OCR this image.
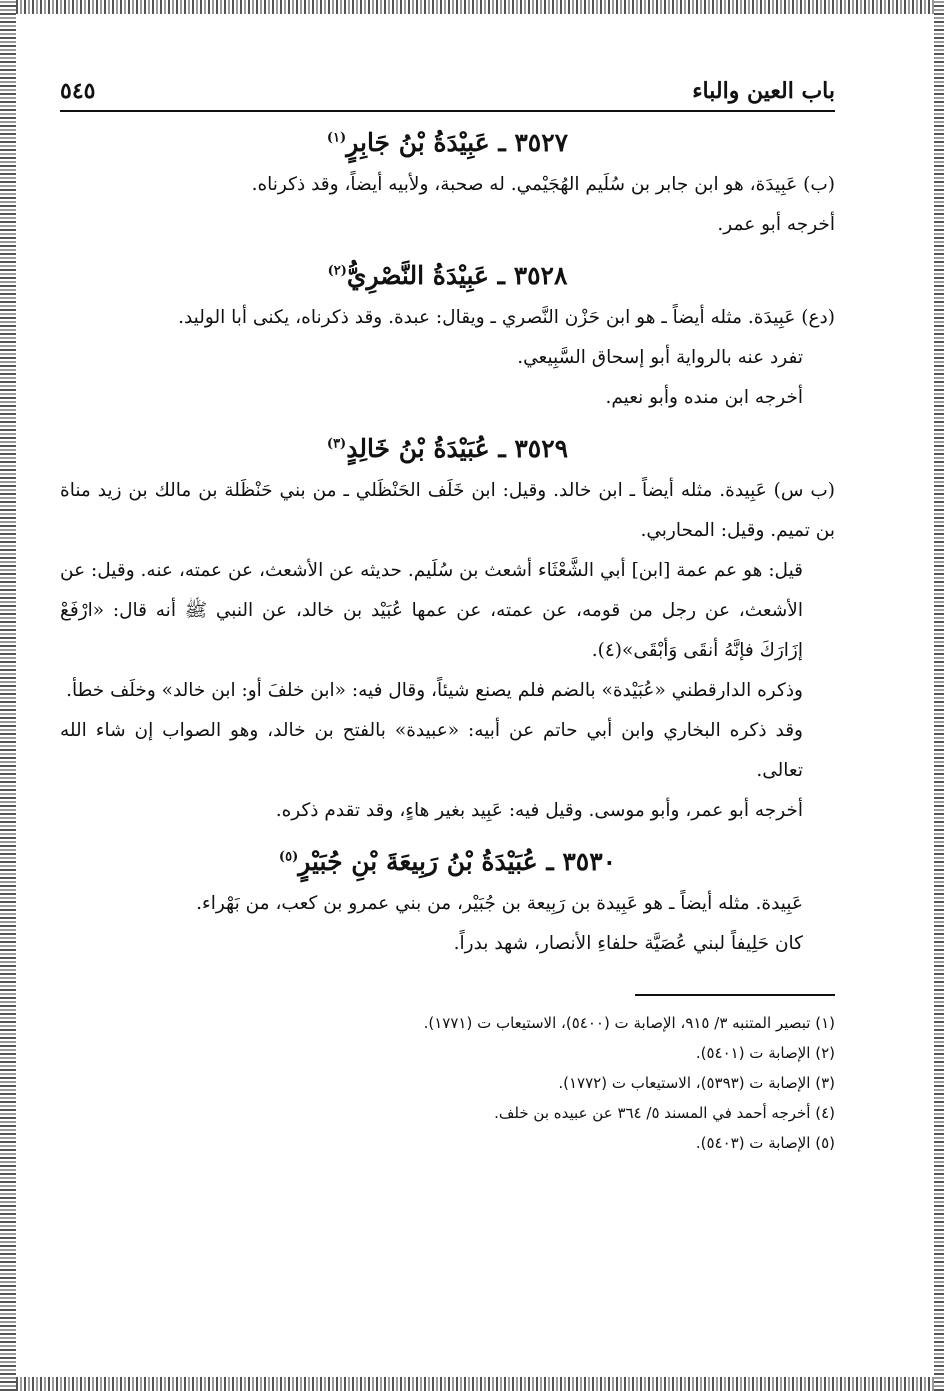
باب العين والباء
٥٤٥
٣٥٢٧ ـ عَبِيْدَةُ بْنُ جَابِرٍ$^{(١)}$

(ب) عَبِيدَة، هو ابن جابر بن سُلَيم الهُجَيْمي. له صحبة، ولأبيه أيضاً، وقد ذكرناه.

أخرجه أبو عمر.

٣٥٢٨ ـ عَبِيْدَةُ النَّصْرِيُّ$^{(٢)}$

(دع) عَبِيدَة. مثله أيضاً ـ هو ابن حَزْن النَّصري ـ ويقال: عبدة. وقد ذكرناه، يكنى أبا الوليد.

تفرد عنه بالرواية أبو إسحاق السَّبِيعي.

أخرجه ابن منده وأبو نعيم.

٣٥٢٩ ـ عُبَيْدَةُ بْنُ خَالِدٍ$^{(٣)}$

(ب س) عَبِيدة. مثله أيضاً ـ ابن خالد. وقيل: ابن خَلَف الحَنْظَلي ـ من بني حَنْظَلة بن مالك بن زيد مناة بن تميم. وقيل: المحاربي.

قيل: هو عم عمة [ابن] أبي الشَّعْثَاء أشعث بن سُلَيم. حديثه عن الأشعث، عن عمته، عنه. وقيل: عن الأشعث، عن رجل من قومه، عن عمته، عن عمها عُبَيْد بن خالد، عن النبي ﷺ أنه قال: «ارْفَعْ إزَارَكَ فإنَّهُ أنقَى وَأبْقَى»(٤).

وذكره الدارقطني «عُبَيْدة» بالضم فلم يصنع شيئاً، وقال فيه: «ابن خلفَ أو: ابن خالد» وخلَف خطأ.

وقد ذكره البخاري وابن أبي حاتم عن أبيه: «عبيدة» بالفتح بن خالد، وهو الصواب إن شاء الله تعالى.

أخرجه أبو عمر، وأبو موسى. وقيل فيه: عَبِيد بغير هاءٍ، وقد تقدم ذكره.

٣٥٣٠ ـ عُبَيْدَةُ بْنُ رَبِيعَةَ بْنِ جُبَيْرٍ$^{(٥)}$

عَبِيدة. مثله أيضاً ـ هو عَبِيدة بن رَبِيعة بن جُبَيْر، من بني عمرو بن كعب، من بَهْراء.

كان حَلِيفاً لبني عُصَيَّة حلفاءِ الأنصار، شهد بدراً.

(١) تبصير المتنبه ٣/ ٩١٥، الإصابة ت (٥٤٠٠)، الاستيعاب ت (١٧٧١).
(٢) الإصابة ت (٥٤٠١).
(٣) الإصابة ت (٥٣٩٣)، الاستيعاب ت (١٧٧٢).
(٤) أخرجه أحمد في المسند ٥/ ٣٦٤ عن عبيده بن خلف.
(٥) الإصابة ت (٥٤٠٣).
